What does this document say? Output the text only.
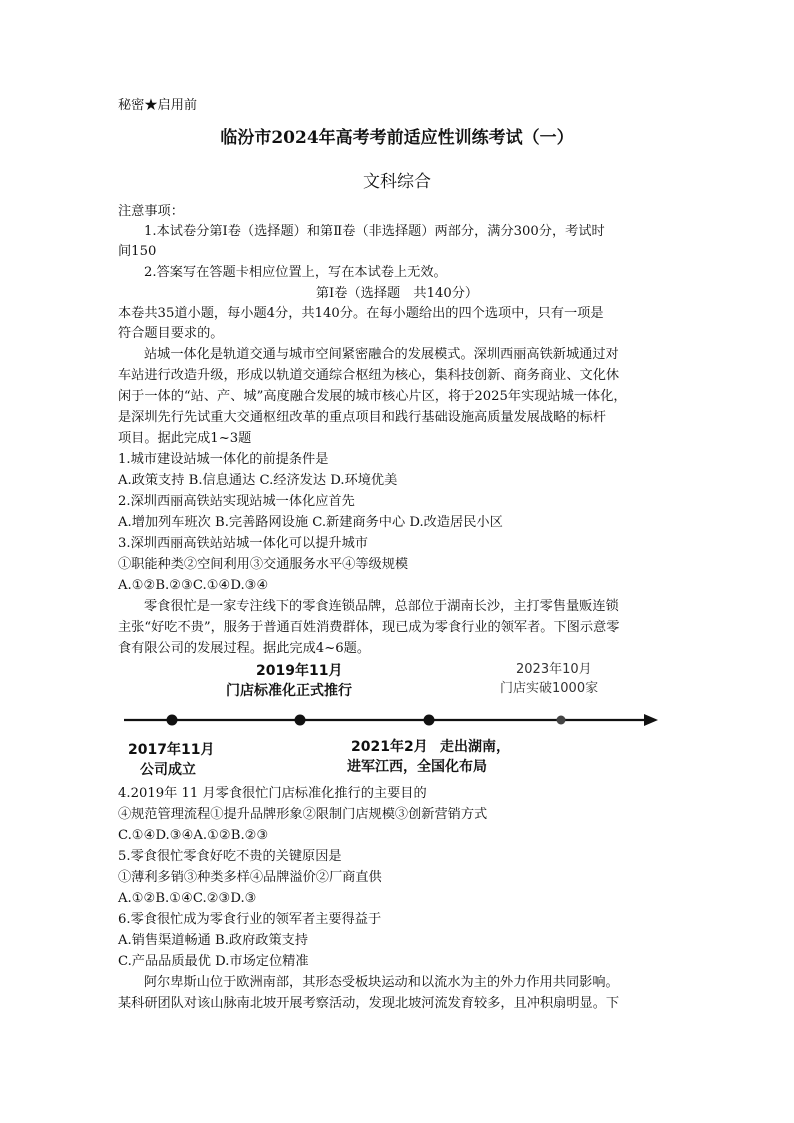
秘密★启用前
临汾市2024年高考考前适应性训练考试（一）
文科综合
注意事项：
1.本试卷分第Ⅰ卷（选择题）和第Ⅱ卷（非选择题）两部分，满分300分，考试时
间150
2.答案写在答题卡相应位置上，写在本试卷上无效。
第Ⅰ卷（选择题　共140分）
本卷共35道小题，每小题4分，共140分。在每小题给出的四个选项中，只有一项是
符合题目要求的。
站城一体化是轨道交通与城市空间紧密融合的发展模式。深圳西丽高铁新城通过对
车站进行改造升级，形成以轨道交通综合枢纽为核心，集科技创新、商务商业、文化休
闲于一体的“站、产、城”高度融合发展的城市核心片区，将于2025年实现站城一体化，
是深圳先行先试重大交通枢纽改革的重点项目和践行基础设施高质量发展战略的标杆
项目。据此完成1~3题
1.城市建设站城一体化的前提条件是
A.政策支持 B.信息通达 C.经济发达 D.环境优美
2.深圳西丽高铁站实现站城一体化应首先
A.增加列车班次 B.完善路网设施 C.新建商务中心 D.改造居民小区
3.深圳西丽高铁站站城一体化可以提升城市
①职能种类②空间利用③交通服务水平④等级规模
A.①②B.②③C.①④D.③④
零食很忙是一家专注线下的零食连锁品牌，总部位于湖南长沙，主打零售量贩连锁
主张“好吃不贵”，服务于普通百姓消费群体，现已成为零食行业的领军者。下图示意零
食有限公司的发展过程。据此完成4~6题。
2019年11月
门店标准化正式推行
2023年10月
门店实破1000家
2017年11月
公司成立
2021年2月 走出湖南，
进军江西，全国化布局
4.2019年 11 月零食很忙门店标准化推行的主要目的
④规范管理流程①提升品牌形象②限制门店规模③创新营销方式
C.①④D.③④A.①②B.②③
5.零食很忙零食好吃不贵的关键原因是
①薄利多销③种类多样④品牌溢价②厂商直供
A.①②B.①④C.②③D.③
6.零食很忙成为零食行业的领军者主要得益于
A.销售渠道畅通 B.政府政策支持
C.产品品质最优 D.市场定位精准
阿尔卑斯山位于欧洲南部，其形态受板块运动和以流水为主的外力作用共同影响。
某科研团队对该山脉南北坡开展考察活动，发现北坡河流发育较多，且冲积扇明显。下
